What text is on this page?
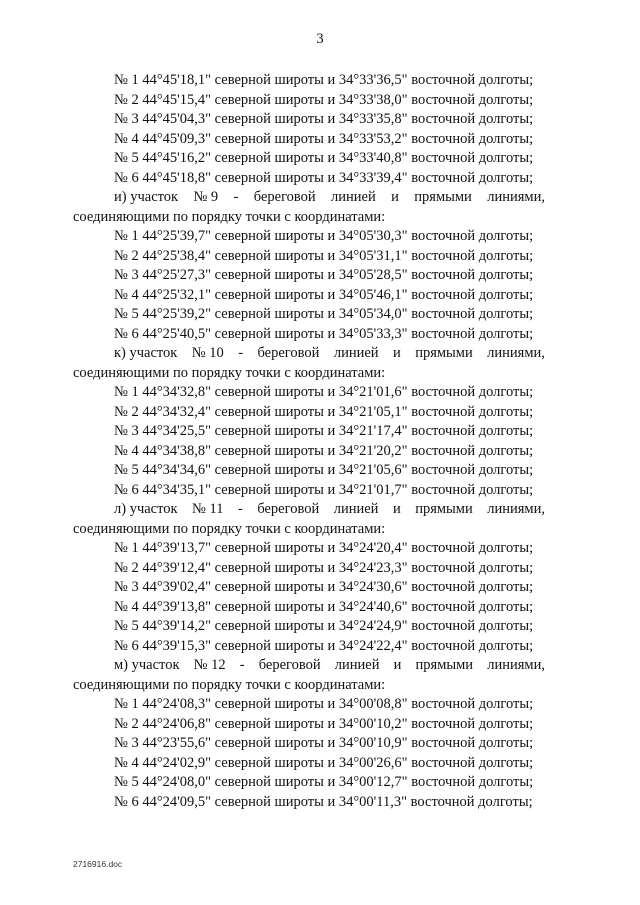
3
№ 1 44°45'18,1" северной широты и 34°33'36,5" восточной долготы;
№ 2 44°45'15,4" северной широты и 34°33'38,0" восточной долготы;
№ 3 44°45'04,3" северной широты и 34°33'35,8" восточной долготы;
№ 4 44°45'09,3" северной широты и 34°33'53,2" восточной долготы;
№ 5 44°45'16,2" северной широты и 34°33'40,8" восточной долготы;
№ 6 44°45'18,8" северной широты и 34°33'39,4" восточной долготы;
и) участок № 9 - береговой линией и прямыми линиями,
соединяющими по порядку точки с координатами:
№ 1 44°25'39,7" северной широты и 34°05'30,3" восточной долготы;
№ 2 44°25'38,4" северной широты и 34°05'31,1" восточной долготы;
№ 3 44°25'27,3" северной широты и 34°05'28,5" восточной долготы;
№ 4 44°25'32,1" северной широты и 34°05'46,1" восточной долготы;
№ 5 44°25'39,2" северной широты и 34°05'34,0" восточной долготы;
№ 6 44°25'40,5" северной широты и 34°05'33,3" восточной долготы;
к) участок № 10 - береговой линией и прямыми линиями,
соединяющими по порядку точки с координатами:
№ 1 44°34'32,8" северной широты и 34°21'01,6" восточной долготы;
№ 2 44°34'32,4" северной широты и 34°21'05,1" восточной долготы;
№ 3 44°34'25,5" северной широты и 34°21'17,4" восточной долготы;
№ 4 44°34'38,8" северной широты и 34°21'20,2" восточной долготы;
№ 5 44°34'34,6" северной широты и 34°21'05,6" восточной долготы;
№ 6 44°34'35,1" северной широты и 34°21'01,7" восточной долготы;
л) участок № 11 - береговой линией и прямыми линиями,
соединяющими по порядку точки с координатами:
№ 1 44°39'13,7" северной широты и 34°24'20,4" восточной долготы;
№ 2 44°39'12,4" северной широты и 34°24'23,3" восточной долготы;
№ 3 44°39'02,4" северной широты и 34°24'30,6" восточной долготы;
№ 4 44°39'13,8" северной широты и 34°24'40,6" восточной долготы;
№ 5 44°39'14,2" северной широты и 34°24'24,9" восточной долготы;
№ 6 44°39'15,3" северной широты и 34°24'22,4" восточной долготы;
м) участок № 12 - береговой линией и прямыми линиями,
соединяющими по порядку точки с координатами:
№ 1 44°24'08,3" северной широты и 34°00'08,8" восточной долготы;
№ 2 44°24'06,8" северной широты и 34°00'10,2" восточной долготы;
№ 3 44°23'55,6" северной широты и 34°00'10,9" восточной долготы;
№ 4 44°24'02,9" северной широты и 34°00'26,6" восточной долготы;
№ 5 44°24'08,0" северной широты и 34°00'12,7" восточной долготы;
№ 6 44°24'09,5" северной широты и 34°00'11,3" восточной долготы;
2716916.doc
